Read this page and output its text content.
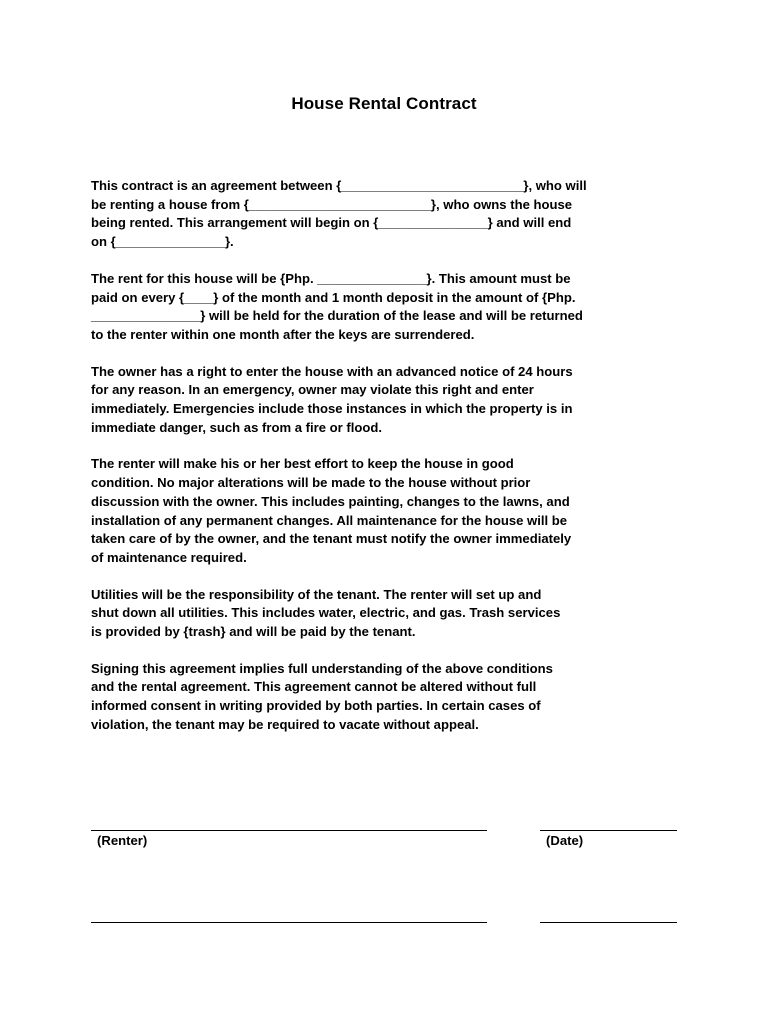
House Rental Contract

This contract is an agreement between {_________________________}, who will
be renting a house from {_________________________}, who owns the house
being rented. This arrangement will begin on {_______________} and will end
on {_______________}.

The rent for this house will be {Php. _______________}. This amount must be
paid on every {____} of the month and 1 month deposit in the amount of {Php.
_______________} will be held for the duration of the lease and will be returned
to the renter within one month after the keys are surrendered.

The owner has a right to enter the house with an advanced notice of 24 hours
for any reason. In an emergency, owner may violate this right and enter
immediately. Emergencies include those instances in which the property is in
immediate danger, such as from a fire or flood.

The renter will make his or her best effort to keep the house in good
condition. No major alterations will be made to the house without prior
discussion with the owner. This includes painting, changes to the lawns, and
installation of any permanent changes. All maintenance for the house will be
taken care of by the owner, and the tenant must notify the owner immediately
of maintenance required.

Utilities will be the responsibility of the tenant. The renter will set up and
shut down all utilities. This includes water, electric, and gas. Trash services
is provided by {trash} and will be paid by the tenant.

Signing this agreement implies full understanding of the above conditions
and the rental agreement. This agreement cannot be altered without full
informed consent in writing provided by both parties. In certain cases of
violation, the tenant may be required to vacate without appeal.

(Renter)	(Date)
